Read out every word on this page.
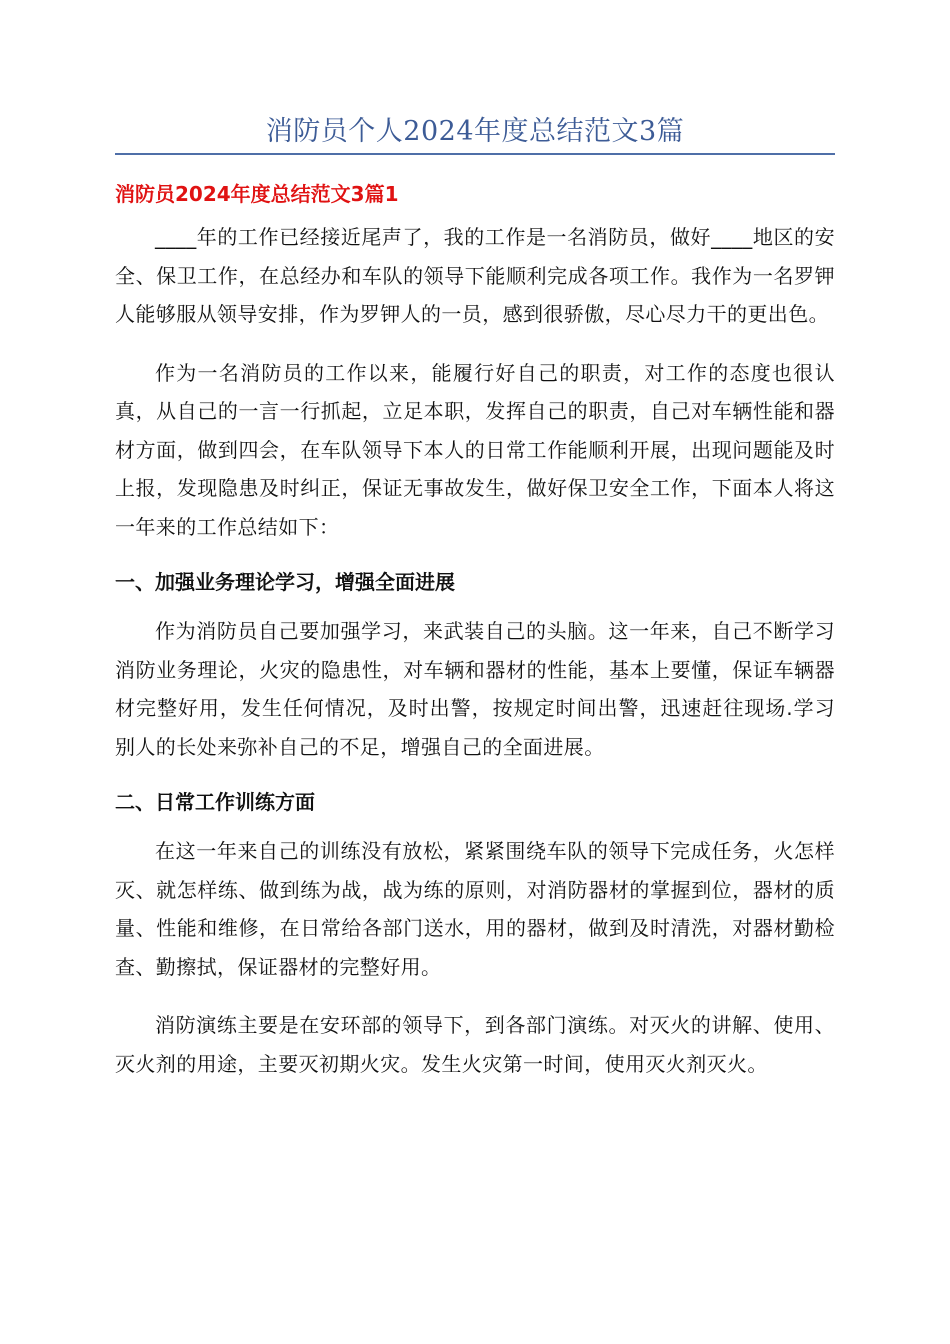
消防员个人2024年度总结范文3篇
消防员2024年度总结范文3篇1

____年的工作已经接近尾声了，我的工作是一名消防员，做好____地区的安全、保卫工作，在总经办和车队的领导下能顺利完成各项工作。我作为一名罗钾人能够服从领导安排，作为罗钾人的一员，感到很骄傲，尽心尽力干的更出色。

作为一名消防员的工作以来，能履行好自己的职责，对工作的态度也很认真，从自己的一言一行抓起，立足本职，发挥自己的职责，自己对车辆性能和器材方面，做到四会，在车队领导下本人的日常工作能顺利开展，出现问题能及时上报，发现隐患及时纠正，保证无事故发生，做好保卫安全工作，下面本人将这一年来的工作总结如下：

一、加强业务理论学习，增强全面进展

作为消防员自己要加强学习，来武装自己的头脑。这一年来，自己不断学习消防业务理论，火灾的隐患性，对车辆和器材的性能，基本上要懂，保证车辆器材完整好用，发生任何情况，及时出警，按规定时间出警，迅速赶往现场.学习别人的长处来弥补自己的不足，增强自己的全面进展。

二、日常工作训练方面

在这一年来自己的训练没有放松，紧紧围绕车队的领导下完成任务，火怎样灭、就怎样练、做到练为战，战为练的原则，对消防器材的掌握到位，器材的质量、性能和维修，在日常给各部门送水，用的器材，做到及时清洗，对器材勤检查、勤擦拭，保证器材的完整好用。

消防演练主要是在安环部的领导下，到各部门演练。对灭火的讲解、使用、灭火剂的用途，主要灭初期火灾。发生火灾第一时间，使用灭火剂灭火。
